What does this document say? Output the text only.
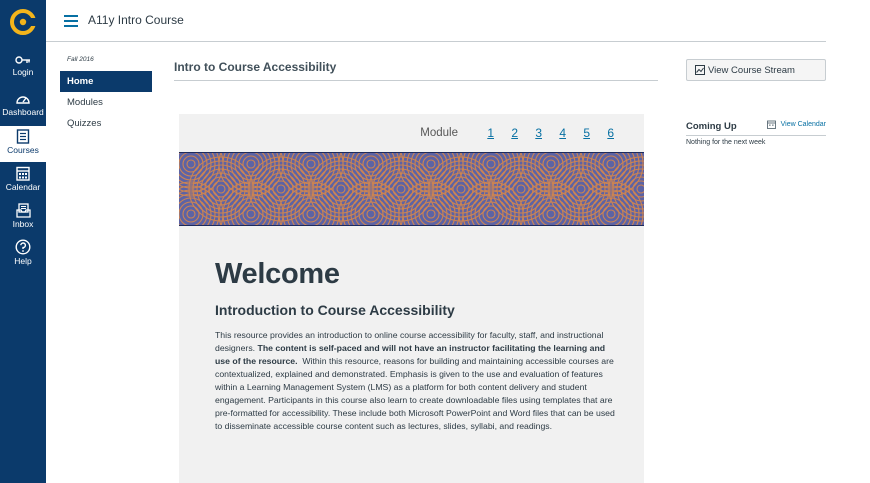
Login
Dashboard
Courses
Calendar
Inbox
Help
A11y Intro Course
Fall 2016
Home
Modules
Quizzes
Intro to Course Accessibility
Module	1	2	3	4	5	6
Welcome
Introduction to Course Accessibility

This resource provides an introduction to online course accessibility for faculty, staff, and instructional designers. The content is self-paced and will not have an instructor facilitating the learning and use of the resource. Within this resource, reasons for building and maintaining accessible courses are contextualized, explained and demonstrated. Emphasis is given to the use and evaluation of features within a Learning Management System (LMS) as a platform for both content delivery and student engagement. Participants in this course also learn to create downloadable files using templates that are pre-formatted for accessibility. These include both Microsoft PowerPoint and Word files that can be used to disseminate accessible course content such as lectures, slides, syllabi, and readings.

View Course Stream
Coming Up	View Calendar
Nothing for the next week
